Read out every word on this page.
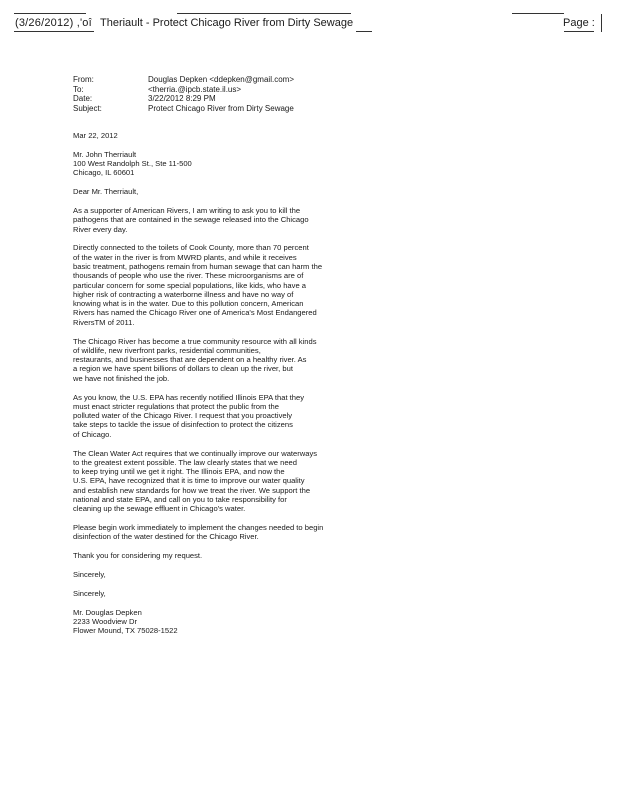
(3/26/2012) ,'oî Theriault - Protect Chicago River from Dirty Sewage	Page :
From:	Douglas Depken <ddepken@gmail.com>
To:	<therria.@ipcb.state.il.us>
Date:	3/22/2012 8:29 PM
Subject:	Protect Chicago River from Dirty Sewage
Mar 22, 2012
Mr. John Therriault
100 West Randolph St., Ste 11-500
Chicago, IL 60601
Dear Mr. Therriault,
As a supporter of American Rivers, I am writing to ask you to kill the
pathogens that are contained in the sewage released into the Chicago
River every day.
Directly connected to the toilets of Cook County, more than 70 percent
of the water in the river is from MWRD plants, and while it receives
basic treatment, pathogens remain from human sewage that can harm the
thousands of people who use the river. These microorganisms are of
particular concern for some special populations, like kids, who have a
higher risk of contracting a waterborne illness and have no way of
knowing what is in the water. Due to this pollution concern, American
Rivers has named the Chicago River one of America's Most Endangered
RiversTM of 2011.
The Chicago River has become a true community resource with all kinds
of wildlife, new riverfront parks, residential communities,
restaurants, and businesses that are dependent on a healthy river. As
a region we have spent billions of dollars to clean up the river, but
we have not finished the job.
As you know, the U.S. EPA has recently notified Illinois EPA that they
must enact stricter regulations that protect the public from the
polluted water of the Chicago River. I request that you proactively
take steps to tackle the issue of disinfection to protect the citizens
of Chicago.
The Clean Water Act requires that we continually improve our waterways
to the greatest extent possible. The law clearly states that we need
to keep trying until we get it right. The Illinois EPA, and now the
U.S. EPA, have recognized that it is time to improve our water quality
and establish new standards for how we treat the river. We support the
national and state EPA, and call on you to take responsibility for
cleaning up the sewage effluent in Chicago's water.
Please begin work immediately to implement the changes needed to begin
disinfection of the water destined for the Chicago River.
Thank you for considering my request.
Sincerely,
Sincerely,
Mr. Douglas Depken
2233 Woodview Dr
Flower Mound, TX 75028-1522
